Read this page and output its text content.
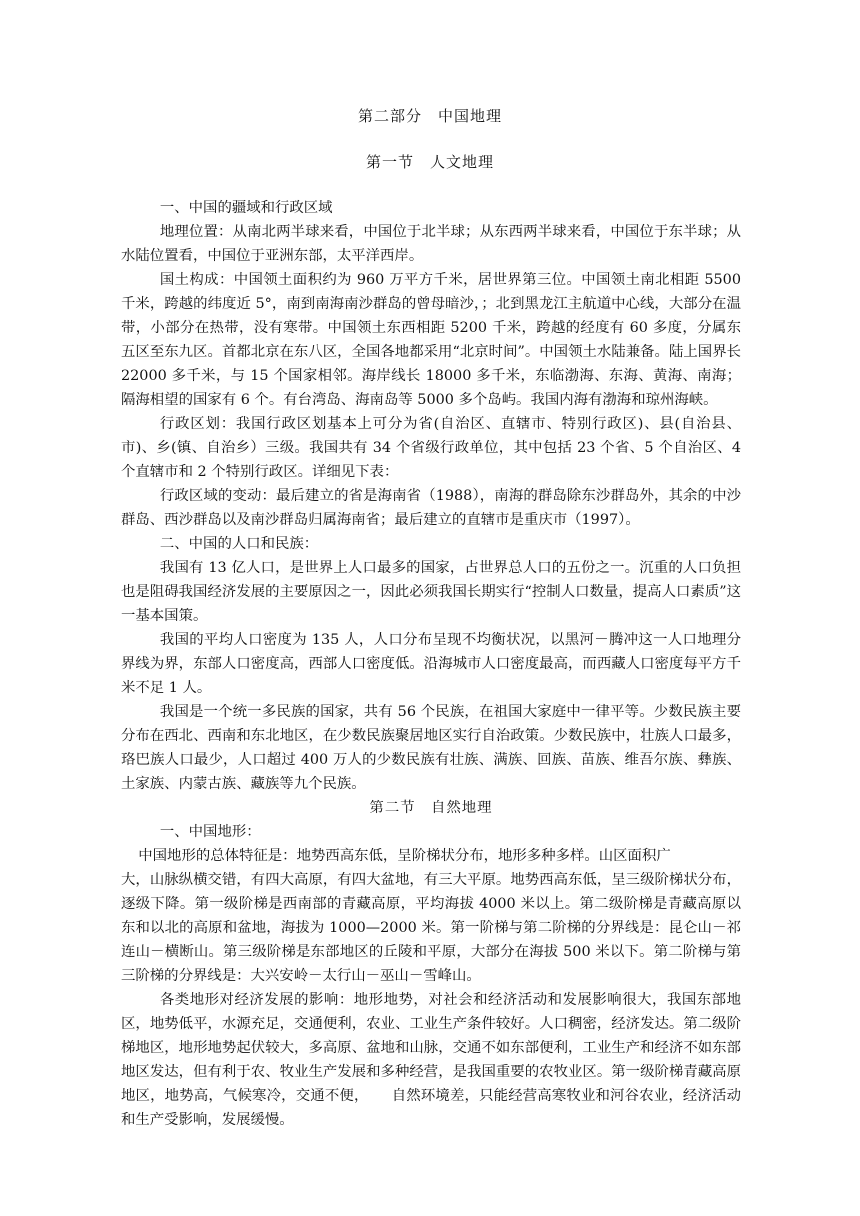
第二部分　中国地理
第一节　人文地理

一、中国的疆域和行政区域

地理位置：从南北两半球来看，中国位于北半球；从东西两半球来看，中国位于东半球；从水陆位置看，中国位于亚洲东部，太平洋西岸。

国土构成：中国领土面积约为 960 万平方千米，居世界第三位。中国领土南北相距 5500 千米，跨越的纬度近 5°，南到南海南沙群岛的曾母暗沙，；北到黑龙江主航道中心线，大部分在温带，小部分在热带，没有寒带。中国领土东西相距 5200 千米，跨越的经度有 60 多度，分属东五区至东九区。首都北京在东八区，全国各地都采用“北京时间”。中国领土水陆兼备。陆上国界长 22000 多千米，与 15 个国家相邻。海岸线长 18000 多千米，东临渤海、东海、黄海、南海；隔海相望的国家有 6 个。有台湾岛、海南岛等 5000 多个岛屿。我国内海有渤海和琼州海峡。

行政区划：我国行政区划基本上可分为省(自治区、直辖市、特别行政区)、县(自治县、市)、乡(镇、自治乡）三级。我国共有 34 个省级行政单位，其中包括 23 个省、5 个自治区、4 个直辖市和 2 个特别行政区。详细见下表：

行政区域的变动：最后建立的省是海南省（1988），南海的群岛除东沙群岛外，其余的中沙群岛、西沙群岛以及南沙群岛归属海南省；最后建立的直辖市是重庆市（1997）。

二、中国的人口和民族：

我国有 13 亿人口，是世界上人口最多的国家，占世界总人口的五份之一。沉重的人口负担也是阻碍我国经济发展的主要原因之一，因此必须我国长期实行“控制人口数量，提高人口素质”这一基本国策。

我国的平均人口密度为 135 人，人口分布呈现不均衡状况，以黑河－腾冲这一人口地理分界线为界，东部人口密度高，西部人口密度低。沿海城市人口密度最高，而西藏人口密度每平方千米不足 1 人。

我国是一个统一多民族的国家，共有 56 个民族，在祖国大家庭中一律平等。少数民族主要分布在西北、西南和东北地区，在少数民族聚居地区实行自治政策。少数民族中，壮族人口最多，珞巴族人口最少，人口超过 400 万人的少数民族有壮族、满族、回族、苗族、维吾尔族、彝族、土家族、内蒙古族、藏族等九个民族。

第二节　自然地理

一、中国地形：

中国地形的总体特征是：地势西高东低，呈阶梯状分布，地形多种多样。山区面积广

大，山脉纵横交错，有四大高原，有四大盆地，有三大平原。地势西高东低，呈三级阶梯状分布，逐级下降。第一级阶梯是西南部的青藏高原，平均海拔 4000 米以上。第二级阶梯是青藏高原以东和以北的高原和盆地，海拔为 1000—2000 米。第一阶梯与第二阶梯的分界线是：昆仑山－祁连山－横断山。第三级阶梯是东部地区的丘陵和平原，大部分在海拔 500 米以下。第二阶梯与第三阶梯的分界线是：大兴安岭－太行山－巫山－雪峰山。

各类地形对经济发展的影响：地形地势，对社会和经济活动和发展影响很大，我国东部地区，地势低平，水源充足，交通便利，农业、工业生产条件较好。人口稠密，经济发达。第二级阶梯地区，地形地势起伏较大，多高原、盆地和山脉，交通不如东部便利，工业生产和经济不如东部地区发达，但有利于农、牧业生产发展和多种经营，是我国重要的农牧业区。第一级阶梯青藏高原地区，地势高，气候寒冷，交通不便， 自然环境差，只能经营高寒牧业和河谷农业，经济活动和生产受影响，发展缓慢。
